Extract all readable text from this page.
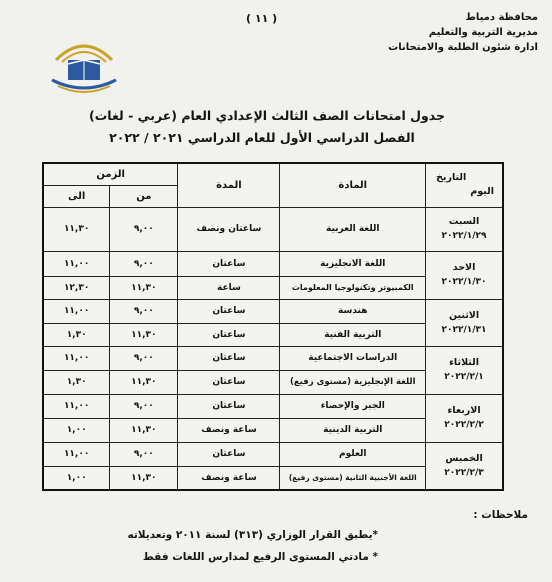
محافظة دمياط
مديرية التربية والتعليم
ادارة شئون الطلبة والامتحانات
( ١١ )
جدول امتحانات الصف الثالث الإعدادي العام (عربي - لغات)
الفصل الدراسي الأول للعام الدراسي ٢٠٢١ / ٢٠٢٢
التاريخ
اليوم	المادة	المدة	الزمن	
			من	الى
السبت
٢٠٢٢/١/٢٩	اللغة العربية	ساعتان ونصف	٩,٠٠	١١,٣٠
الاحد
٢٠٢٢/١/٣٠	اللغة الانجليزية	ساعتان	٩,٠٠	١١,٠٠
	الكمبيوتر وتكنولوجيا المعلومات	ساعة	١١,٣٠	١٢,٣٠
الاثنين
٢٠٢٢/١/٣١	هندسة	ساعتان	٩,٠٠	١١,٠٠
	التربية الفنية	ساعتان	١١,٣٠	١,٣٠
الثلاثاء
٢٠٢٢/٢/١	الدراسات الاجتماعية	ساعتان	٩,٠٠	١١,٠٠
	اللغة الإنجليزية (مستوى رفيع)	ساعتان	١١,٣٠	١,٣٠
الاربعاء
٢٠٢٢/٢/٢	الجبر والإحصاء	ساعتان	٩,٠٠	١١,٠٠
	التربية الدينية	ساعة ونصف	١١,٣٠	١,٠٠
الخميس
٢٠٢٢/٢/٣	العلوم	ساعتان	٩,٠٠	١١,٠٠
	اللغة الأجنبية الثانية (مستوى رفيع)	ساعة ونصف	١١,٣٠	١,٠٠
ملاحظات :
*يطبق القرار الوزاري (٣١٣) لسنة ٢٠١١ وتعديلاته
* مادتي المستوى الرفيع لمدارس اللغات فقط
